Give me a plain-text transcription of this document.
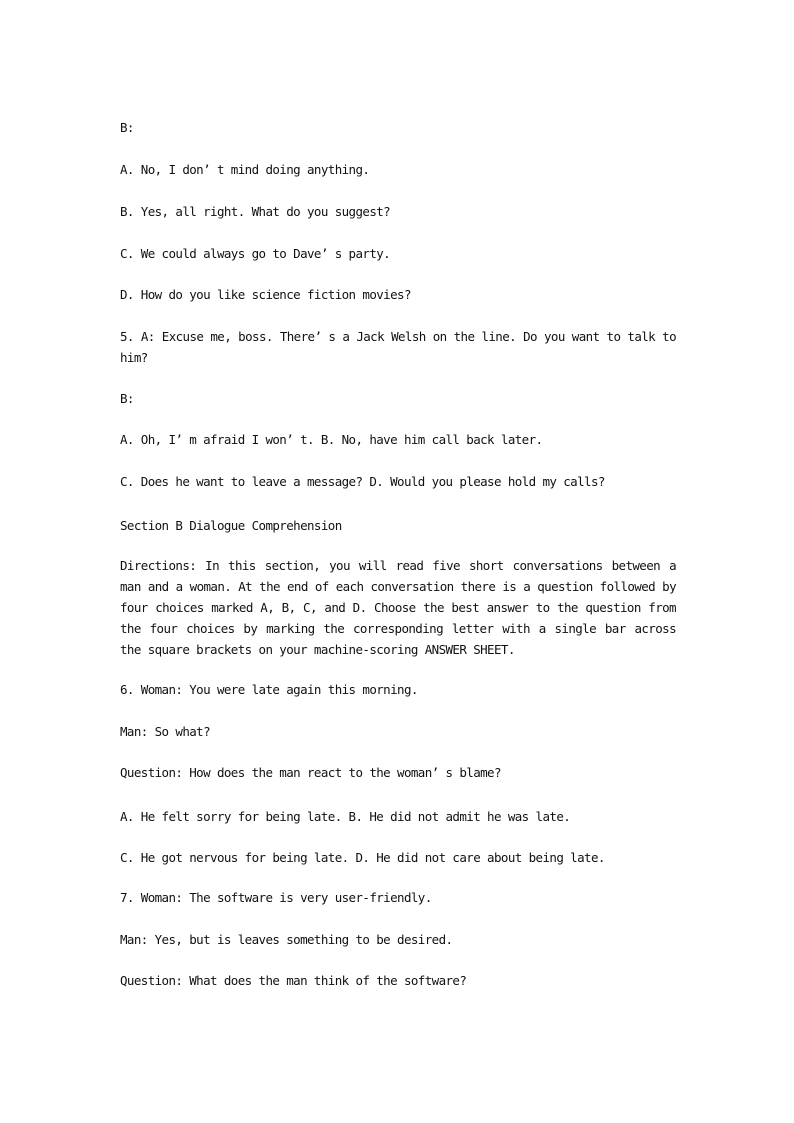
B:
A. No, I don’ t mind doing anything.
B. Yes, all right. What do you suggest?
C. We could always go to Dave’ s party.
D. How do you like science fiction movies?
5. A: Excuse me, boss. There’ s a Jack Welsh on the line. Do you want to talk to him?
B:
A. Oh, I’ m afraid I won’ t. B. No, have him call back later.
C. Does he want to leave a message? D. Would you please hold my calls?
Section B Dialogue Comprehension
Directions: In this section, you will read five short conversations between a man and a woman. At the end of each conversation there is a question followed by four choices marked A, B, C, and D. Choose the best answer to the question from the four choices by marking the corresponding letter with a single bar across the square brackets on your machine-scoring ANSWER SHEET.
6. Woman: You were late again this morning.
Man: So what?
Question: How does the man react to the woman’ s blame?
A. He felt sorry for being late. B. He did not admit he was late.
C. He got nervous for being late. D. He did not care about being late.
7. Woman: The software is very user-friendly.
Man: Yes, but is leaves something to be desired.
Question: What does the man think of the software?
